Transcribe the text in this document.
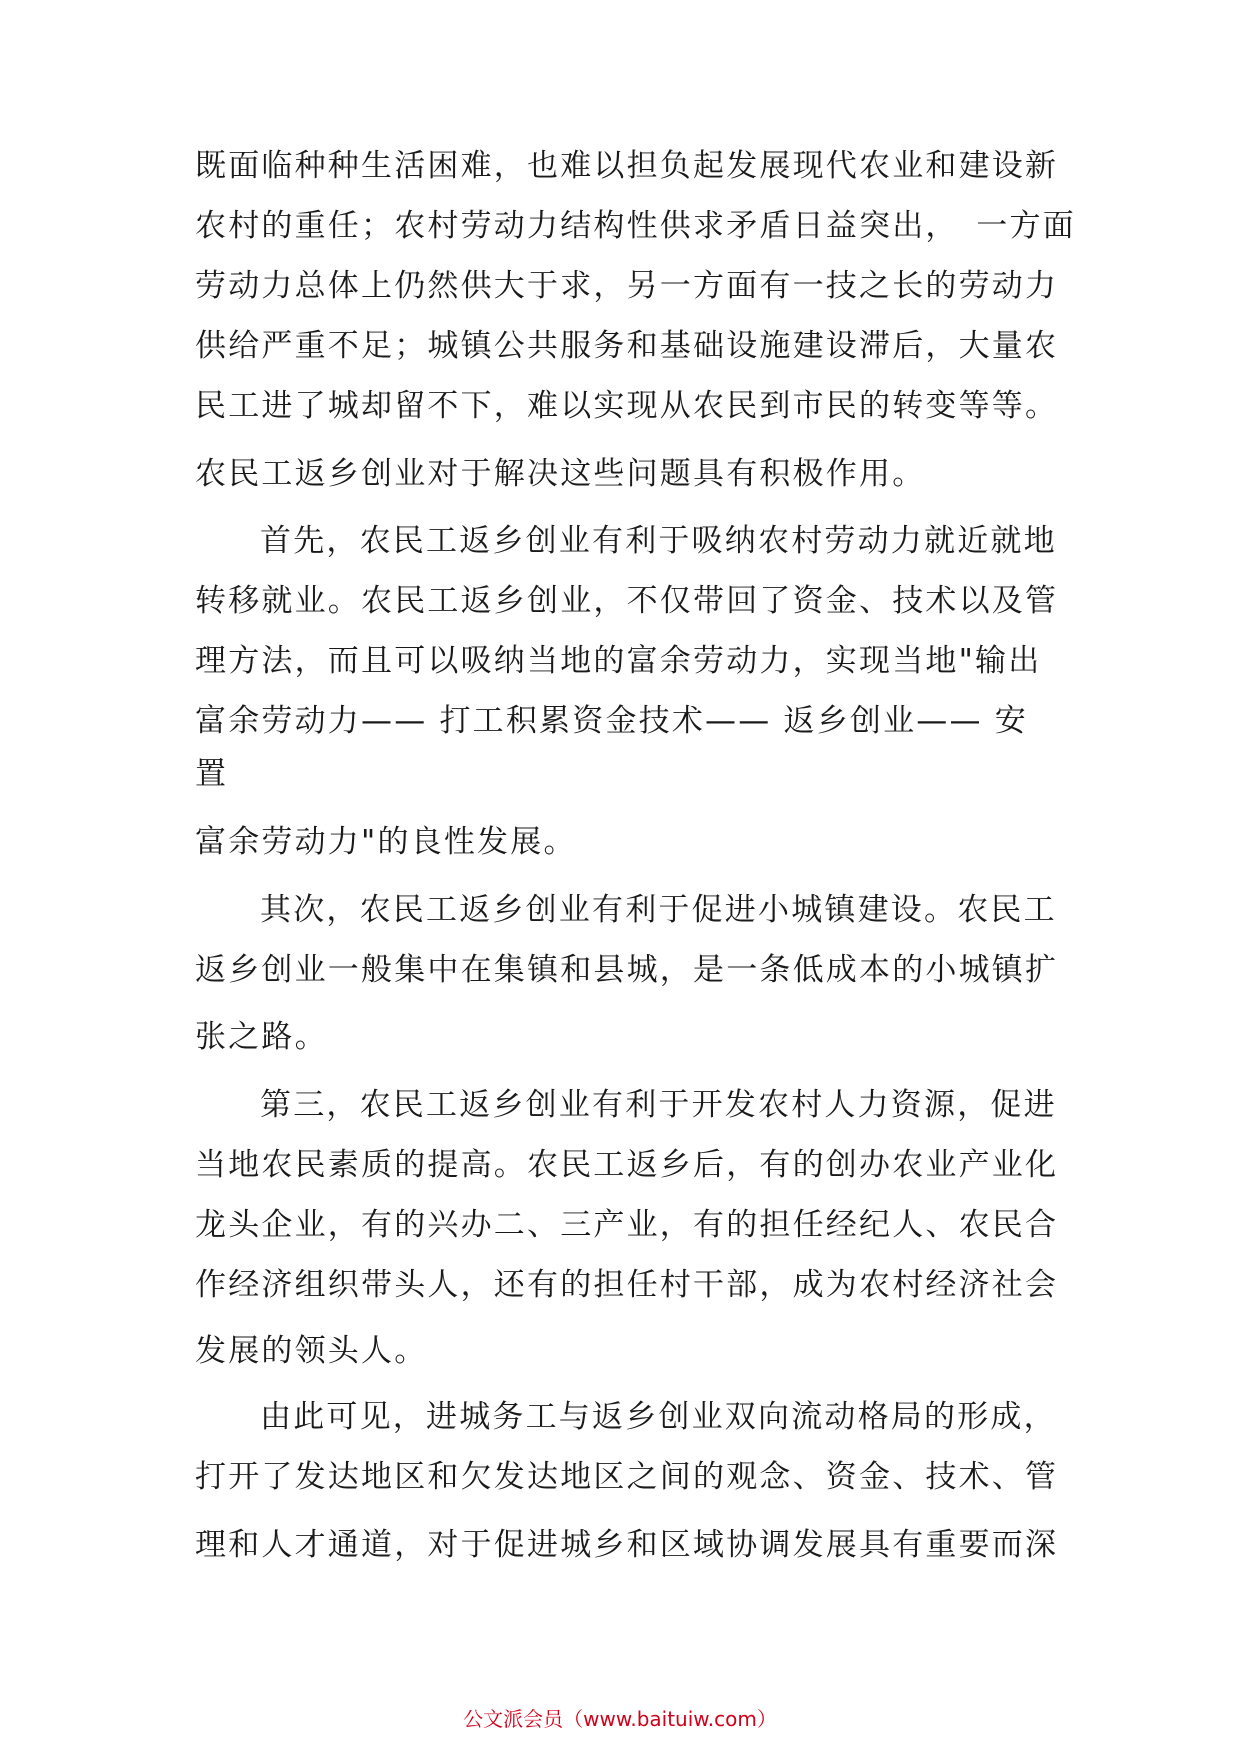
既面临种种生活困难，也难以担负起发展现代农业和建设新
农村的重任；农村劳动力结构性供求矛盾日益突出，　一方面
劳动力总体上仍然供大于求，另一方面有一技之长的劳动力
供给严重不足；城镇公共服务和基础设施建设滞后，大量农
民工进了城却留不下，难以实现从农民到市民的转变等等。
农民工返乡创业对于解决这些问题具有积极作用。
首先，农民工返乡创业有利于吸纳农村劳动力就近就地
转移就业。农民工返乡创业，不仅带回了资金、技术以及管
理方法，而且可以吸纳当地的富余劳动力，实现当地"输出
富余劳动力—— 打工积累资金技术—— 返乡创业—— 安
置
富余劳动力"的良性发展。
其次，农民工返乡创业有利于促进小城镇建设。农民工
返乡创业一般集中在集镇和县城，是一条低成本的小城镇扩
张之路。
第三，农民工返乡创业有利于开发农村人力资源，促进
当地农民素质的提高。农民工返乡后，有的创办农业产业化
龙头企业，有的兴办二、三产业，有的担任经纪人、农民合
作经济组织带头人，还有的担任村干部，成为农村经济社会
发展的领头人。
由此可见，进城务工与返乡创业双向流动格局的形成，
打开了发达地区和欠发达地区之间的观念、资金、技术、管
理和人才通道，对于促进城乡和区域协调发展具有重要而深
公文派会员（www.baituiw.com）
